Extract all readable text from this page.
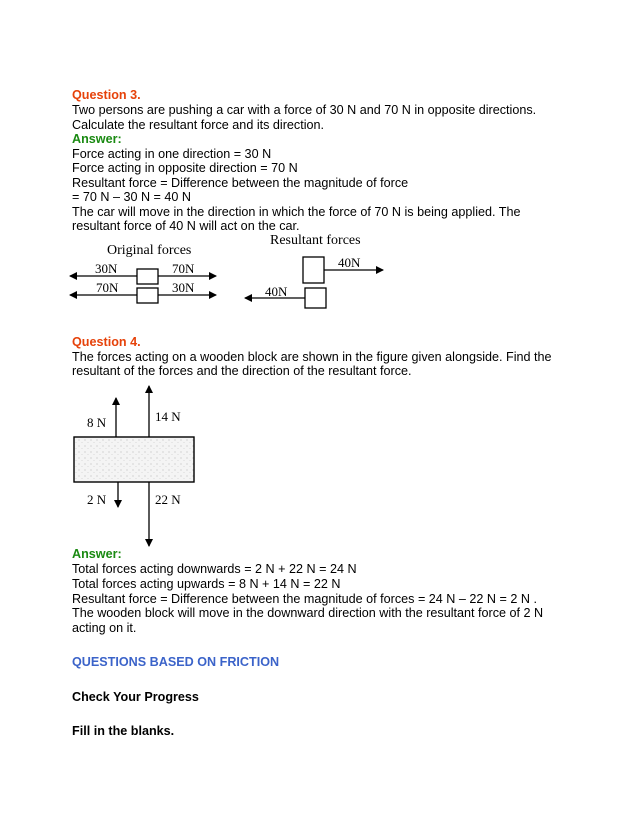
Question 3.
Two persons are pushing a car with a force of 30 N and 70 N in opposite directions.
Calculate the resultant force and its direction.
Answer:
Force acting in one direction = 30 N
Force acting in opposite direction = 70 N
Resultant force = Difference between the magnitude of force
= 70 N – 30 N = 40 N
The car will move in the direction in which the force of 70 N is being applied. The
resultant force of 40 N will act on the car.
Original forces
Resultant forces
30N	70N
70N	30N
40N
40N
Question 4.
The forces acting on a wooden block are shown in the figure given alongside. Find the
resultant of the forces and the direction of the resultant force.
8 N	14 N
2 N	22 N
Answer:
Total forces acting downwards = 2 N + 22 N = 24 N
Total forces acting upwards = 8 N + 14 N = 22 N
Resultant force = Difference between the magnitude of forces = 24 N – 22 N = 2 N .
The wooden block will move in the downward direction with the resultant force of 2 N
acting on it.
QUESTIONS BASED ON FRICTION
Check Your Progress
Fill in the blanks.
